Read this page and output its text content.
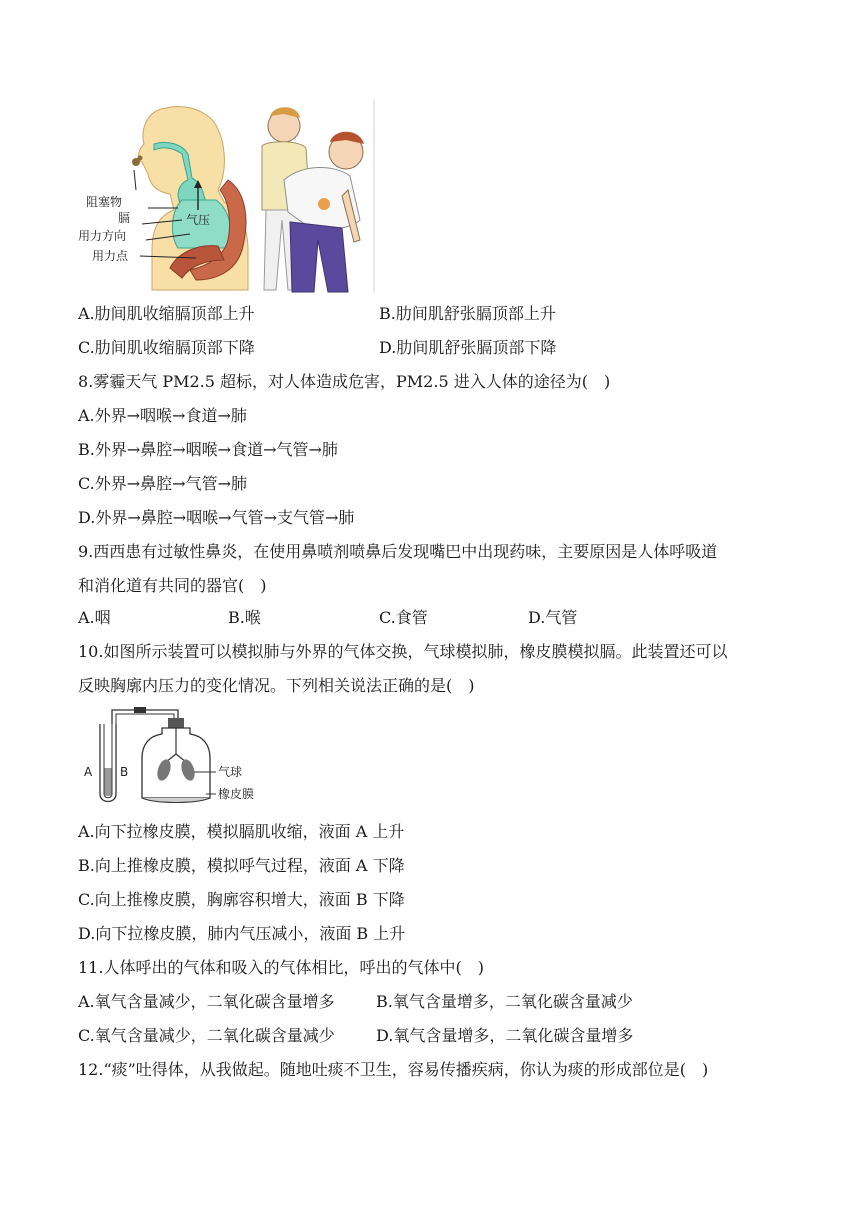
气压
阻塞物
膈
用力方向
用力点
A.肋间肌收缩膈顶部上升	B.肋间肌舒张膈顶部上升
C.肋间肌收缩膈顶部下降	D.肋间肌舒张膈顶部下降
8.雾霾天气 PM2.5 超标，对人体造成危害，PM2.5 进入人体的途径为(　)
A.外界→咽喉→食道→肺
B.外界→鼻腔→咽喉→食道→气管→肺
C.外界→鼻腔→气管→肺
D.外界→鼻腔→咽喉→气管→支气管→肺
9.西西患有过敏性鼻炎，在使用鼻喷剂喷鼻后发现嘴巴中出现药味，主要原因是人体呼吸道
和消化道有共同的器官(　)
A.咽	B.喉	C.食管	D.气管
10.如图所示装置可以模拟肺与外界的气体交换，气球模拟肺，橡皮膜模拟膈。此装置还可以
反映胸廓内压力的变化情况。下列相关说法正确的是(　)
A B	气球
橡皮膜
A.向下拉橡皮膜，模拟膈肌收缩，液面 A 上升
B.向上推橡皮膜，模拟呼气过程，液面 A 下降
C.向上推橡皮膜，胸廓容积增大，液面 B 下降
D.向下拉橡皮膜，肺内气压减小，液面 B 上升
11.人体呼出的气体和吸入的气体相比，呼出的气体中(　)
A.氧气含量减少，二氧化碳含量增多	B.氧气含量增多，二氧化碳含量减少
C.氧气含量减少，二氧化碳含量减少	D.氧气含量增多，二氧化碳含量增多
12.“痰”吐得体，从我做起。随地吐痰不卫生，容易传播疾病，你认为痰的形成部位是(　)
